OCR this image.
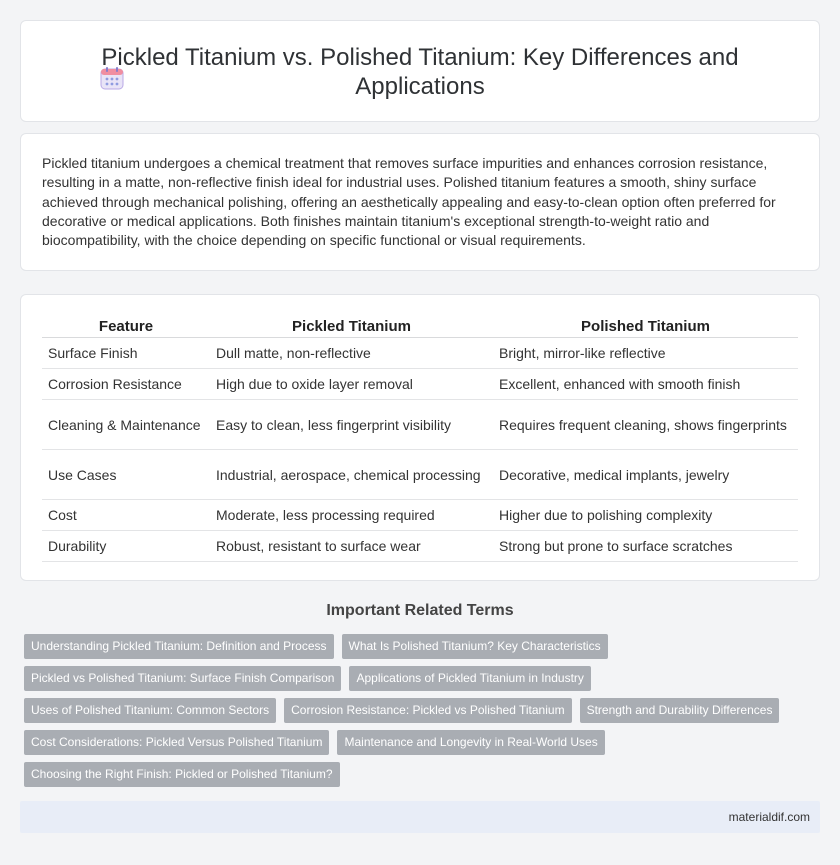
Pickled Titanium vs. Polished Titanium: Key Differences and Applications

Pickled titanium undergoes a chemical treatment that removes surface impurities and enhances corrosion resistance, resulting in a matte, non-reflective finish ideal for industrial uses. Polished titanium features a smooth, shiny surface achieved through mechanical polishing, offering an aesthetically appealing and easy-to-clean option often preferred for decorative or medical applications. Both finishes maintain titanium's exceptional strength-to-weight ratio and biocompatibility, with the choice depending on specific functional or visual requirements.

Feature	Pickled Titanium	Polished Titanium
Surface Finish	Dull matte, non-reflective	Bright, mirror-like reflective
Corrosion Resistance	High due to oxide layer removal	Excellent, enhanced with smooth finish
Cleaning & Maintenance	Easy to clean, less fingerprint visibility	Requires frequent cleaning, shows fingerprints
Use Cases	Industrial, aerospace, chemical processing	Decorative, medical implants, jewelry
Cost	Moderate, less processing required	Higher due to polishing complexity
Durability	Robust, resistant to surface wear	Strong but prone to surface scratches
Important Related Terms
Understanding Pickled Titanium: Definition and Process	What Is Polished Titanium? Key Characteristics
Pickled vs Polished Titanium: Surface Finish Comparison	Applications of Pickled Titanium in Industry
Uses of Polished Titanium: Common Sectors	Corrosion Resistance: Pickled vs Polished Titanium	Strength and Durability Differences
Cost Considerations: Pickled Versus Polished Titanium	Maintenance and Longevity in Real-World Uses
Choosing the Right Finish: Pickled or Polished Titanium?
materialdif.com
